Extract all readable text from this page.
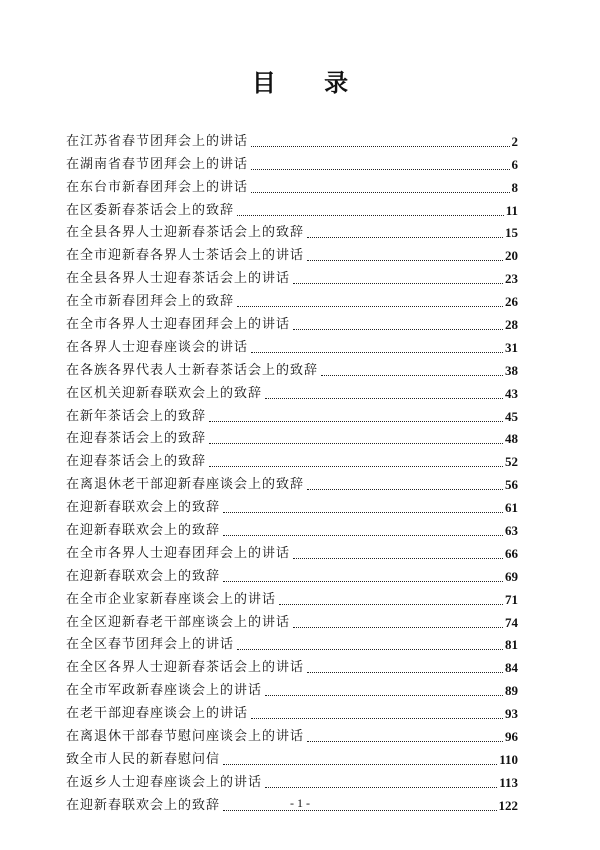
目 录
在江苏省春节团拜会上的讲话	2
在湖南省春节团拜会上的讲话	6
在东台市新春团拜会上的讲话	8
在区委新春茶话会上的致辞	11
在全县各界人士迎新春茶话会上的致辞	15
在全市迎新春各界人士茶话会上的讲话	20
在全县各界人士迎春茶话会上的讲话	23
在全市新春团拜会上的致辞	26
在全市各界人士迎春团拜会上的讲话	28
在各界人士迎春座谈会的讲话	31
在各族各界代表人士新春茶话会上的致辞	38
在区机关迎新春联欢会上的致辞	43
在新年茶话会上的致辞	45
在迎春茶话会上的致辞	48
在迎春茶话会上的致辞	52
在离退休老干部迎新春座谈会上的致辞	56
在迎新春联欢会上的致辞	61
在迎新春联欢会上的致辞	63
在全市各界人士迎春团拜会上的讲话	66
在迎新春联欢会上的致辞	69
在全市企业家新春座谈会上的讲话	71
在全区迎新春老干部座谈会上的讲话	74
在全区春节团拜会上的讲话	81
在全区各界人士迎新春茶话会上的讲话	84
在全市军政新春座谈会上的讲话	89
在老干部迎春座谈会上的讲话	93
在离退休干部春节慰问座谈会上的讲话	96
致全市人民的新春慰问信	110
在返乡人士迎春座谈会上的讲话	113
在迎新春联欢会上的致辞	122
- 1 -
